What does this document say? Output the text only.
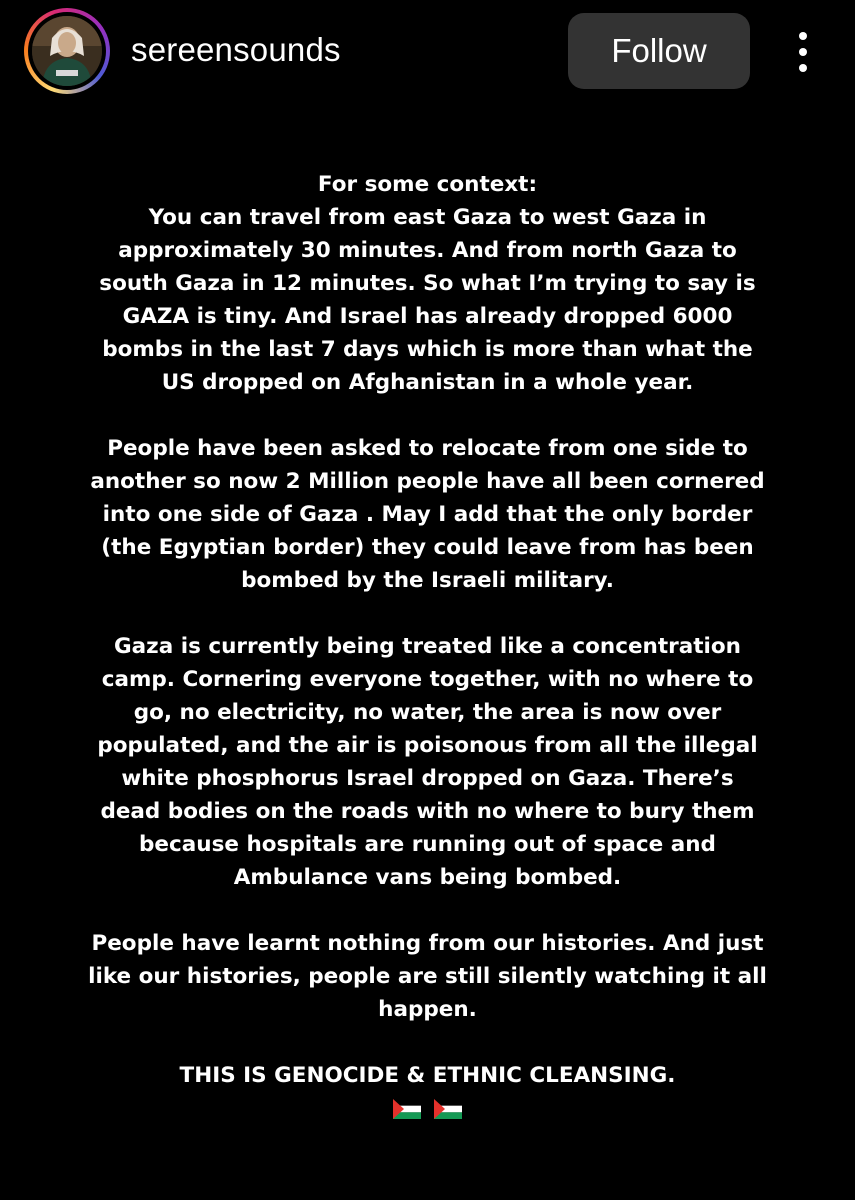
sereensounds	Follow
For some context:
You can travel from east Gaza to west Gaza in
approximately 30 minutes. And from north Gaza to
south Gaza in 12 minutes. So what I’m trying to say is
GAZA is tiny. And Israel has already dropped 6000
bombs in the last 7 days which is more than what the
US dropped on Afghanistan in a whole year.
People have been asked to relocate from one side to
another so now 2 Million people have all been cornered
into one side of Gaza . May I add that the only border
(the Egyptian border) they could leave from has been
bombed by the Israeli military.
Gaza is currently being treated like a concentration
camp. Cornering everyone together, with no where to
go, no electricity, no water, the area is now over
populated, and the air is poisonous from all the illegal
white phosphorus Israel dropped on Gaza. There’s
dead bodies on the roads with no where to bury them
because hospitals are running out of space and
Ambulance vans being bombed.
People have learnt nothing from our histories. And just
like our histories, people are still silently watching it all
happen.
THIS IS GENOCIDE & ETHNIC CLEANSING.
